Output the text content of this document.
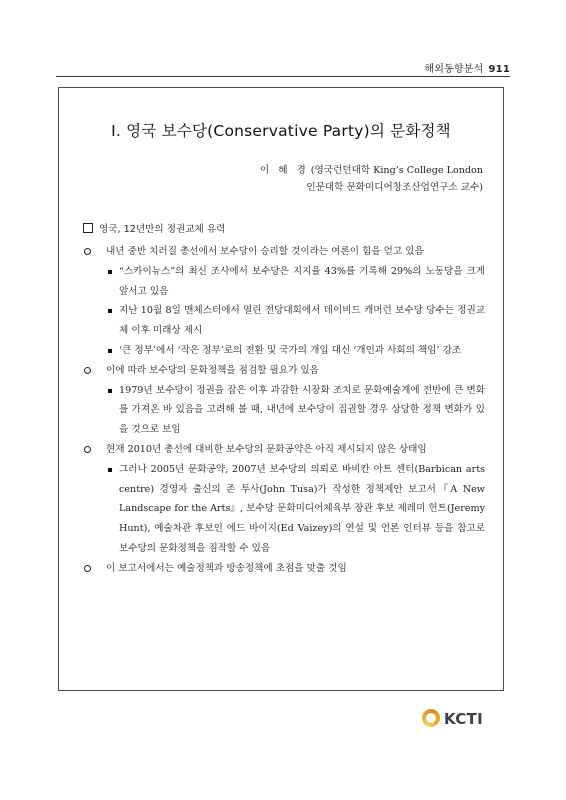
해외동향분석 911
Ⅰ. 영국 보수당(Conservative Party)의 문화정책
이 혜 경 (영국런던대학 King’s College London
인문대학 문화미디어창조산업연구소 교수)
영국, 12년만의 정권교체 유력
내년 중반 치러질 총선에서 보수당이 승리할 것이라는 여론이 힘을 얻고 있음
“스카이뉴스”의 최신 조사에서 보수당은 지지율 43%를 기록해 29%의 노동당을 크게 앞서고 있음
지난 10월 8일 맨체스터에서 열린 전당대회에서 데이비드 캐머런 보수당 당수는 정권교체 이후 미래상 제시
‘큰 정부’에서 ‘작은 정부’로의 전환 및 국가의 개입 대신 ‘개인과 사회의 책임’ 강조
이에 따라 보수당의 문화정책을 점검할 필요가 있음
1979년 보수당이 정권을 잡은 이후 과감한 시장화 조치로 문화예술계에 전반에 큰 변화를 가져온 바 있음을 고려해 볼 때, 내년에 보수당이 집권할 경우 상당한 정책 변화가 있을 것으로 보임
현재 2010년 총선에 대비한 보수당의 문화공약은 아직 제시되지 않은 상태임
그러나 2005년 문화공약, 2007년 보수당의 의뢰로 바비칸 아트 센터(Barbican arts centre) 경영자 출신의 존 투사(John Tusa)가 작성한 정책제안 보고서『A New Landscape for the Arts』, 보수당 문화미디어체육부 장관 후보 제레미 헌트(Jeremy Hunt), 예술차관 후보인 에드 바이지(Ed Vaizey)의 연설 및 언론 인터뷰 등을 참고로 보수당의 문화정책을 짐작할 수 있음
이 보고서에서는 예술정책과 방송정책에 초점을 맞출 것임
KCTI
